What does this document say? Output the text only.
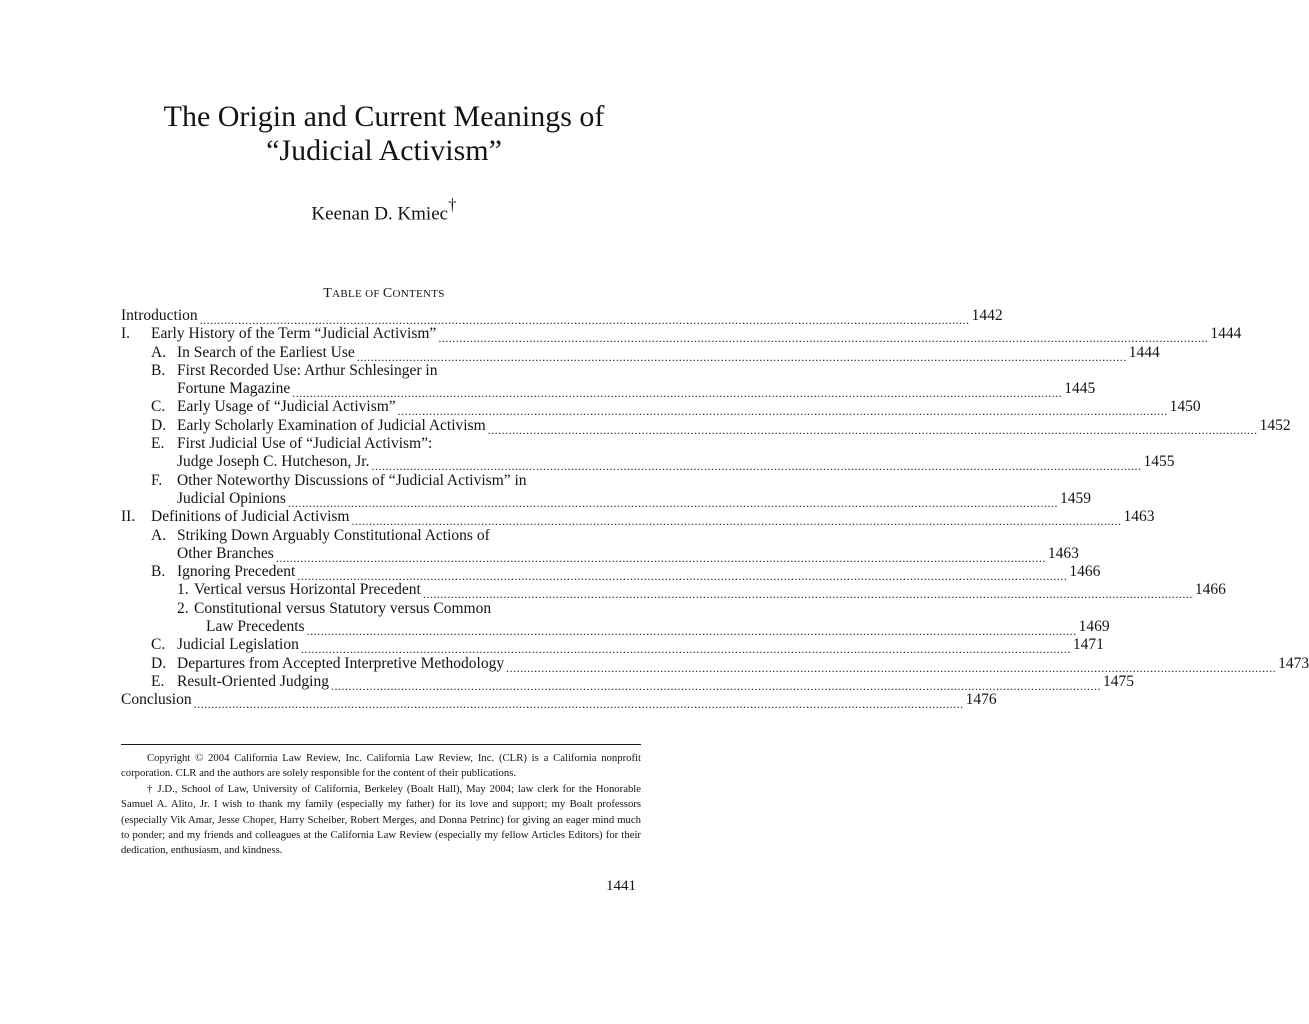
The Origin and Current Meanings of
“Judicial Activism”
Keenan D. Kmiec†
TABLE OF CONTENTS
Introduction ............................................................................................................................................................................................................................ 1442
I. Early History of the Term “Judicial Activism” ............................................................................................................................................................................................................................ 1444
A. In Search of the Earliest Use ............................................................................................................................................................................................................................ 1444
B. First Recorded Use: Arthur Schlesinger in
Fortune Magazine ............................................................................................................................................................................................................................ 1445
C. Early Usage of “Judicial Activism” ............................................................................................................................................................................................................................ 1450
D. Early Scholarly Examination of Judicial Activism ............................................................................................................................................................................................................................ 1452
E. First Judicial Use of “Judicial Activism”:
Judge Joseph C. Hutcheson, Jr. ............................................................................................................................................................................................................................ 1455
F. Other Noteworthy Discussions of “Judicial Activism” in
Judicial Opinions ............................................................................................................................................................................................................................ 1459
II. Definitions of Judicial Activism ............................................................................................................................................................................................................................ 1463
A. Striking Down Arguably Constitutional Actions of
Other Branches ............................................................................................................................................................................................................................ 1463
B. Ignoring Precedent ............................................................................................................................................................................................................................ 1466
1. Vertical versus Horizontal Precedent ............................................................................................................................................................................................................................ 1466
2. Constitutional versus Statutory versus Common
Law Precedents ............................................................................................................................................................................................................................ 1469
C. Judicial Legislation ............................................................................................................................................................................................................................ 1471
D. Departures from Accepted Interpretive Methodology ............................................................................................................................................................................................................................ 1473
E. Result-Oriented Judging ............................................................................................................................................................................................................................ 1475
Conclusion ............................................................................................................................................................................................................................ 1476

Copyright © 2004 California Law Review, Inc. California Law Review, Inc. (CLR) is a California nonprofit corporation. CLR and the authors are solely responsible for the content of their publications.

† J.D., School of Law, University of California, Berkeley (Boalt Hall), May 2004; law clerk for the Honorable Samuel A. Alito, Jr. I wish to thank my family (especially my father) for its love and support; my Boalt professors (especially Vik Amar, Jesse Choper, Harry Scheiber, Robert Merges, and Donna Petrinc) for giving an eager mind much to ponder; and my friends and colleagues at the California Law Review (especially my fellow Articles Editors) for their dedication, enthusiasm, and kindness.

1441
